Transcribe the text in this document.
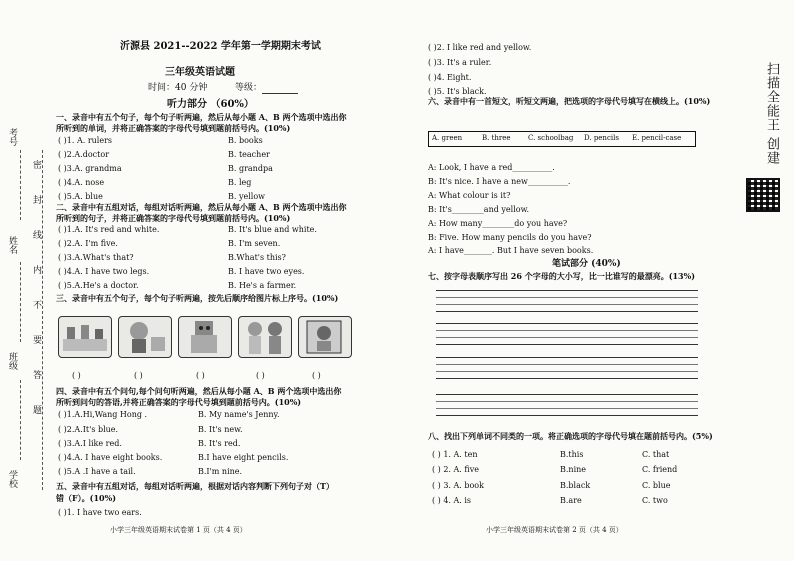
考号
姓名
班级
学校
密
封
线
内
不
要
答
题
沂源县 2021--2022 学年第一学期期末考试
三年级英语试题
时间：40 分钟	等级：
听力部分 （60%）
一、录音中有五个句子，每个句子听两遍，然后从每小题 A、B 两个选项中选出你所听到的单词，并将正确答案的字母代号填到题前括号内。(10%)
( )1. A. rulers	B. books
( )2.A.doctor	B. teacher
( )3.A. grandma	B. grandpa
( )4.A. nose	B. leg
( )5.A. blue	B. yellow
二、录音中有五组对话，每组对话听两遍，然后从每小题 A、B 两个选项中选出你所听到的句子，并将正确答案的字母代号填到题前括号内。(10%)
( )1.A. It's red and white.	B. It's blue and white.
( )2.A. I'm five.	B. I'm seven.
( )3.A.What's that?	B.What's this?
( )4.A. I have two legs.	B. I have two eyes.
( )5.A.He's a doctor.	B. He's a farmer.
三、录音中有五个句子，每个句子听两遍，按先后顺序给图片标上序号。(10%)
( )	( )	( )	( )	( )
四、录音中有五个问句,每个问句听两遍，然后从每小题 A、B 两个选项中选出你所听到问句的答语,并将正确答案的字母代号填到题前括号内。(10%)
( )1.A.Hi,Wang Hong .	B. My name's Jenny.
( )2.A.It's blue.	B. It's new.
( )3.A.I like red.	B. It's red.
( )4.A. I have eight books.	B.I have eight pencils.
( )5.A .I have a tail.	B.I'm nine.
五、录音中有五组对话，每组对话听两遍，根据对话内容判断下列句子对（T）
错（F）。(10%)
( )1. I have two ears.
小学三年级英语期末试卷第 1 页（共 4 页）
( )2. I like red and yellow.
( )3. It's a ruler.
( )4. Eight.
( )5. It's black.
六、录音中有一首短文，听短文两遍，把选项的字母代号填写在横线上。(10%)
A. green	B. three C. schoolbag D. pencils E. pencil-case
A: Look, I have a red__________.
B: It's nice. I have a new__________.
A: What colour is it?
B: It's________and yellow.
A: How many________do you have?
B: Five. How many pencils do you have?
A: I have_______. But I have seven books.
笔试部分 (40%)
七、按字母表顺序写出 26 个字母的大小写，比一比谁写的最漂亮。(13%)
八、找出下列单词不同类的一项。将正确选项的字母代号填在题前括号内。(5%)
( ) 1. A. ten	B.this	C. that
( ) 2. A. five	B.nine	C. friend
( ) 3. A. book	B.black	C. blue
( ) 4. A. is	B.are	C. two
小学三年级英语期末试卷第 2 页（共 4 页）
扫描全能王 创建
